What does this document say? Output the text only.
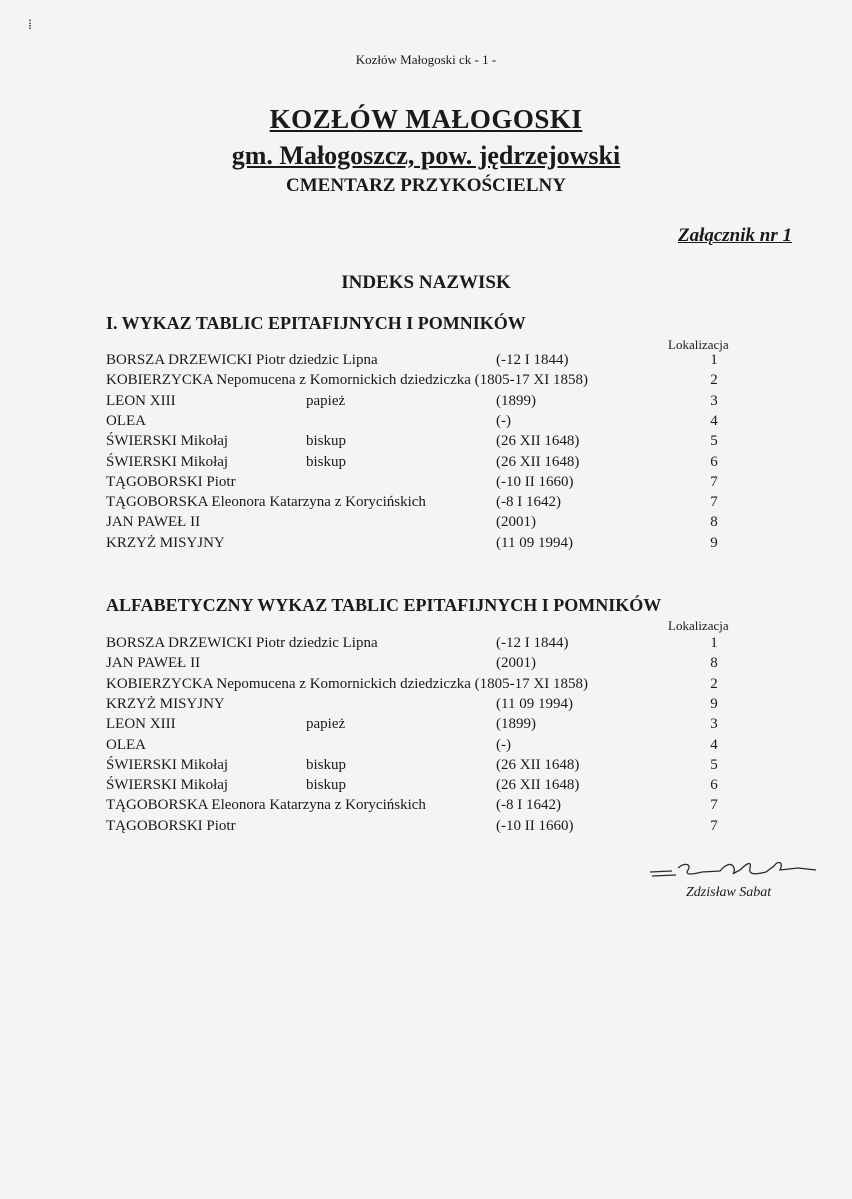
⁞
Kozłów Małogoski ck - 1 -
KOZŁÓW MAŁOGOSKI
gm. Małogoszcz, pow. jędrzejowski
CMENTARZ PRZYKOŚCIELNY
Załącznik nr 1
INDEKS NAZWISK
I. WYKAZ TABLIC EPITAFIJNYCH I POMNIKÓW
Lokalizacja
BORSZA DRZEWICKI Piotr dziedzic Lipna	(-12 I 1844)	1
KOBIERZYCKA Nepomucena z Komornickich dziedziczka (1805-17 XI 1858)	2
LEON XIII	papież	(1899)	3
OLEA	(-)	4
ŚWIERSKI Mikołaj	biskup	(26 XII 1648)	5
ŚWIERSKI Mikołaj	biskup	(26 XII 1648)	6
TĄGOBORSKI Piotr	(-10 II 1660)	7
TĄGOBORSKA Eleonora Katarzyna z Korycińskich	(-8 I 1642)	7
JAN PAWEŁ II	(2001)	8
KRZYŻ MISYJNY	(11 09 1994)	9
ALFABETYCZNY WYKAZ TABLIC EPITAFIJNYCH I POMNIKÓW
Lokalizacja
BORSZA DRZEWICKI Piotr dziedzic Lipna	(-12 I 1844)	1
JAN PAWEŁ II	(2001)	8
KOBIERZYCKA Nepomucena z Komornickich dziedziczka (1805-17 XI 1858)	2
KRZYŻ MISYJNY	(11 09 1994)	9
LEON XIII	papież	(1899)	3
OLEA	(-)	4
ŚWIERSKI Mikołaj	biskup	(26 XII 1648)	5
ŚWIERSKI Mikołaj	biskup	(26 XII 1648)	6
TĄGOBORSKA Eleonora Katarzyna z Korycińskich	(-8 I 1642)	7
TĄGOBORSKI Piotr	(-10 II 1660)	7
Zdzisław Sabat
